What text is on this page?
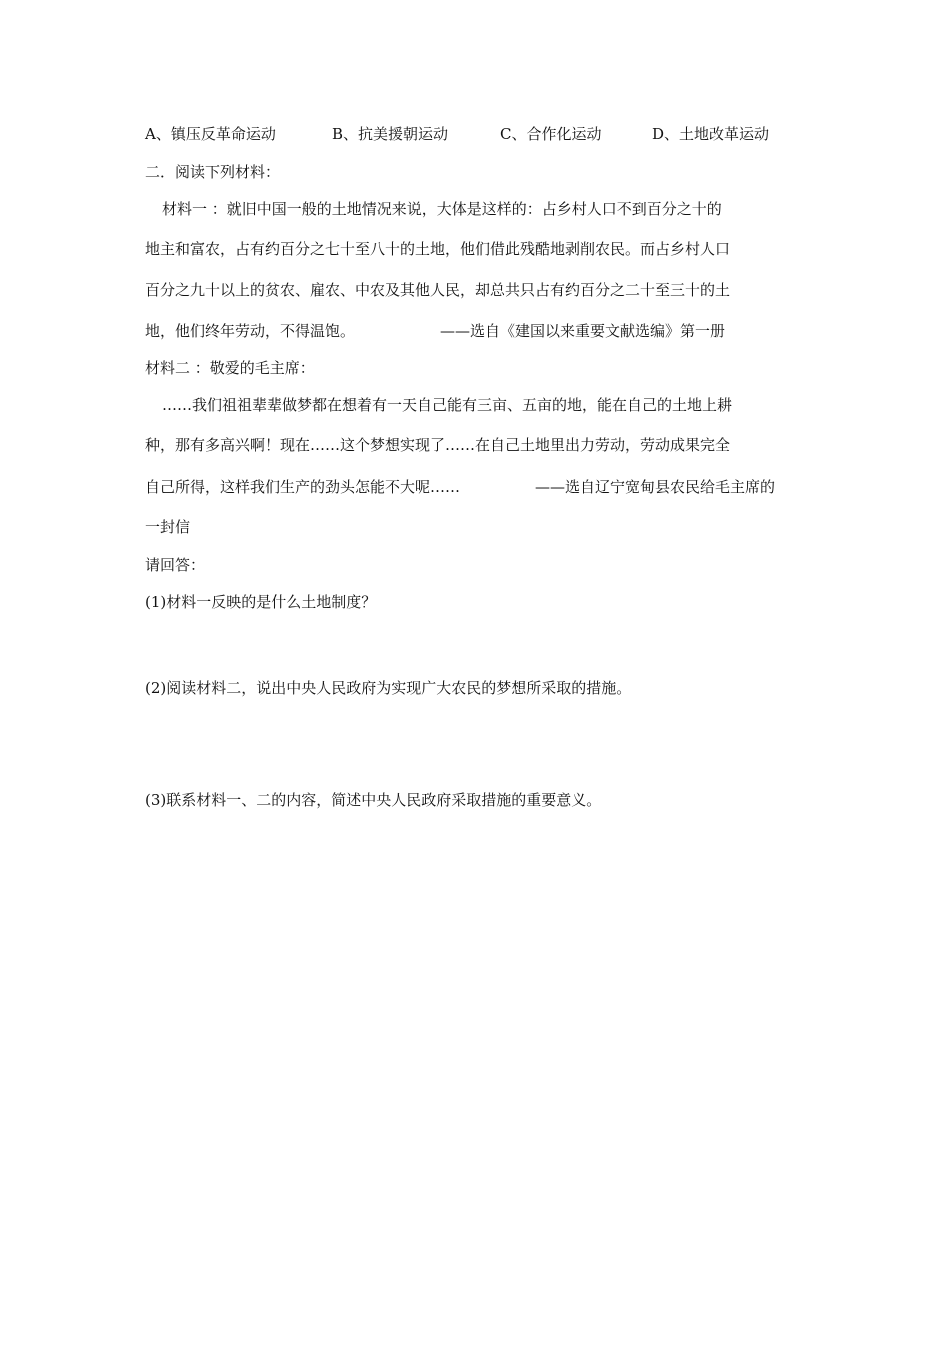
A、镇压反革命运动	B、抗美援朝运动	C、合作化运动	D、土地改革运动
二．阅读下列材料：
材料一 ：就旧中国一般的土地情况来说，大体是这样的：占乡村人口不到百分之十的
地主和富农，占有约百分之七十至八十的土地，他们借此残酷地剥削农民。而占乡村人口
百分之九十以上的贫农、雇农、中农及其他人民，却总共只占有约百分之二十至三十的土
地，他们终年劳动，不得温饱。	——选自《建国以来重要文献选编》第一册
材料二 ：敬爱的毛主席：
……我们祖祖辈辈做梦都在想着有一天自己能有三亩、五亩的地，能在自己的土地上耕
种，那有多高兴啊！现在……这个梦想实现了……在自己土地里出力劳动，劳动成果完全
自己所得，这样我们生产的劲头怎能不大呢……	——选自辽宁宽甸县农民给毛主席的
一封信
请回答：
(1)材料一反映的是什么土地制度？
(2)阅读材料二，说出中央人民政府为实现广大农民的梦想所采取的措施。
(3)联系材料一、二的内容，简述中央人民政府采取措施的重要意义。
